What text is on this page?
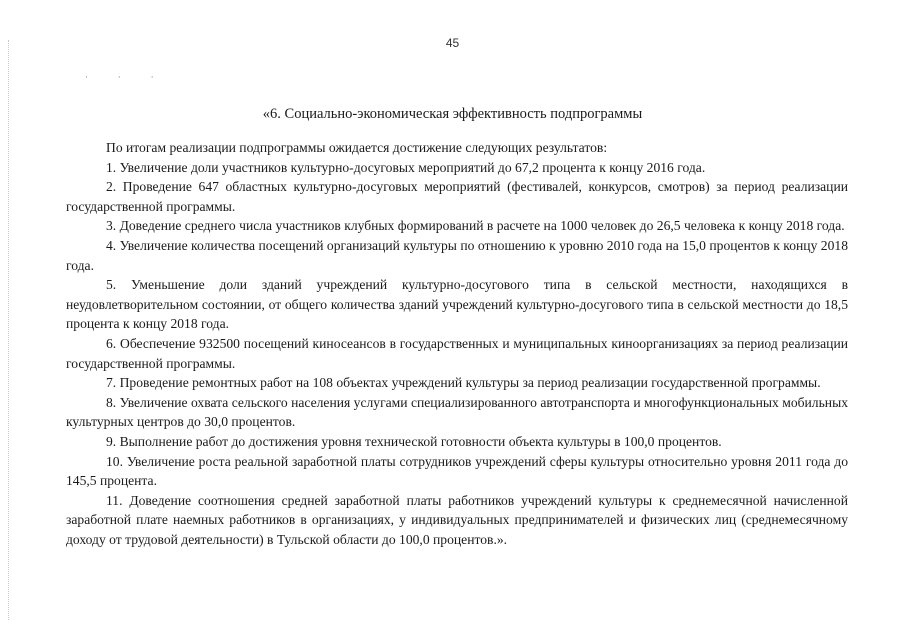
· · ·
45
«6. Социально-экономическая эффективность подпрограммы

По итогам реализации подпрограммы ожидается достижение следующих результатов:

1. Увеличение доли участников культурно-досуговых мероприятий до 67,2 процента к концу 2016 года.

2. Проведение 647 областных культурно-досуговых мероприятий (фестивалей, конкурсов, смотров) за период реализации государственной программы.

3. Доведение среднего числа участников клубных формирований в расчете на 1000 человек до 26,5 человека к концу 2018 года.

4. Увеличение количества посещений организаций культуры по отношению к уровню 2010 года на 15,0 процентов к концу 2018 года.

5. Уменьшение доли зданий учреждений культурно-досугового типа в сельской местности, находящихся в неудовлетворительном состоянии, от общего количества зданий учреждений культурно-досугового типа в сельской местности до 18,5 процента к концу 2018 года.

6. Обеспечение 932500 посещений киносеансов в государственных и муниципальных киноорганизациях за период реализации государственной программы.

7. Проведение ремонтных работ на 108 объектах учреждений культуры за период реализации государственной программы.

8. Увеличение охвата сельского населения услугами специализированного автотранспорта и многофункциональных мобильных культурных центров до 30,0 процентов.

9. Выполнение работ до достижения уровня технической готовности объекта культуры в 100,0 процентов.

10. Увеличение роста реальной заработной платы сотрудников учреждений сферы культуры относительно уровня 2011 года до 145,5 процента.

11. Доведение соотношения средней заработной платы работников учреждений культуры к среднемесячной начисленной заработной плате наемных работников в организациях, у индивидуальных предпринимателей и физических лиц (среднемесячному доходу от трудовой деятельности) в Тульской области до 100,0 процентов.».
